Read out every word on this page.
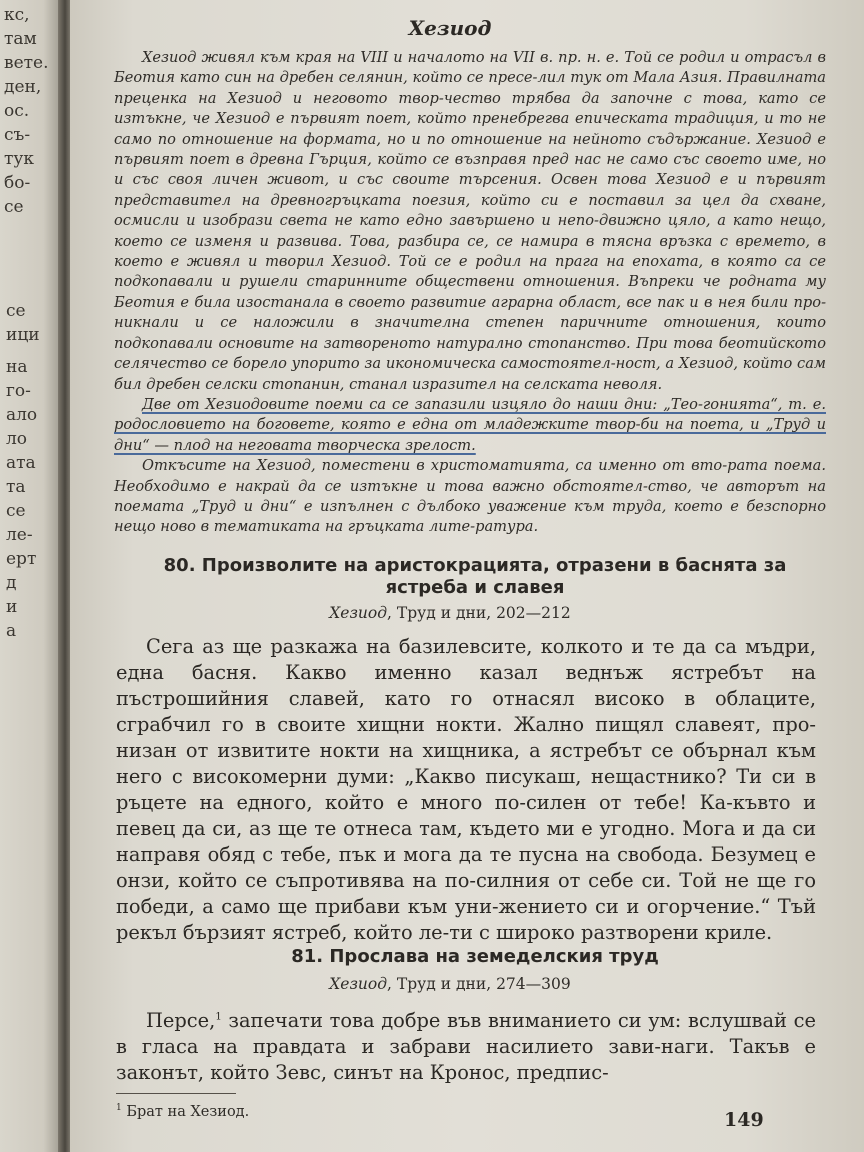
кс,
там
вете.
ден,
ос.
съ-
тук
бо-
се
се
ици
на
го-
ало
ло
ата
та
се
ле-
ерт
д
и
а
Хезиод

Хезиод живял към края на VIII и началото на VII в. пр. н. е. Той се родил и отрасъл в Беотия като син на дребен селянин, който се пресе-лил тук от Мала Азия. Правилната преценка на Хезиод и неговото твор-чество трябва да започне с това, като се изтъкне, че Хезиод е първият поет, който пренебрегва епическата традиция, и то не само по отношение на формата, но и по отношение на нейното съдържание. Хезиод е първият поет в древна Гърция, който се възправя пред нас не само със своето име, но и със своя личен живот, и със своите търсения. Освен това Хезиод е и първият представител на древногръцката поезия, който си е поставил за цел да схване, осмисли и изобрази света не като едно завършено и непо-движно цяло, а като нещо, което се изменя и развива. Това, разбира се, се намира в тясна връзка с времето, в което е живял и творил Хезиод. Той се е родил на прага на епохата, в която са се подкопавали и рушели старинните обществени отношения. Въпреки че родната му Беотия е била изостанала в своето развитие аграрна област, все пак и в нея били про-никнали и се наложили в значителна степен паричните отношения, които подкопавали основите на затвореното натурално стопанство. При това беотийското селячество се борело упорито за икономическа самостоятел-ност, а Хезиод, който сам бил дребен селски стопанин, станал изразител на селската неволя.

Две от Хезиодовите поеми са се запазили изцяло до наши дни: „Тео-гонията“, т. е. родословието на боговете, която е една от младежките твор-би на поета, и „Труд и дни“ — плод на неговата творческа зрелост.

Откъсите на Хезиод, поместени в христоматията, са именно от вто-рата поема. Необходимо е накрай да се изтъкне и това важно обстоятел-ство, че авторът на поемата „Труд и дни“ е изпълнен с дълбоко уважение към труда, което е безспорно нещо ново в тематиката на гръцката лите-ратура.

80. Произволите на аристокрацията, отразени в баснята за ястреба и славея
Хезиод, Труд и дни, 202—212

Сега аз ще разкажа на базилевсите, колкото и те да са мъдри, една басня. Какво именно казал веднъж ястребът на пъстрошийния славей, като го отнасял високо в облаците, сграбчил го в своите хищни нокти. Жално пищял славеят, про-низан от извитите нокти на хищника, а ястребът се обърнал към него с високомерни думи: „Какво писукаш, нещастнико? Ти си в ръцете на едного, който е много по-силен от тебе! Ка-къвто и певец да си, аз ще те отнеса там, където ми е угодно. Мога и да си направя обяд с тебе, пък и мога да те пусна на свобода. Безумец е онзи, който се съпротивява на по-силния от себе си. Той не ще го победи, а само ще прибави към уни-жението си и огорчение.“ Тъй рекъл бързият ястреб, който ле-ти с широко разтворени криле.

81. Прослава на земеделския труд
Хезиод, Труд и дни, 274—309

Персе,$^1$ запечати това добре във вниманието си ум: вслушвай се в гласа на правдата и забрави насилието зави-наги. Такъв е законът, който Зевс, синът на Кронос, предпис-

$^1$ Брат на Хезиод.	149
